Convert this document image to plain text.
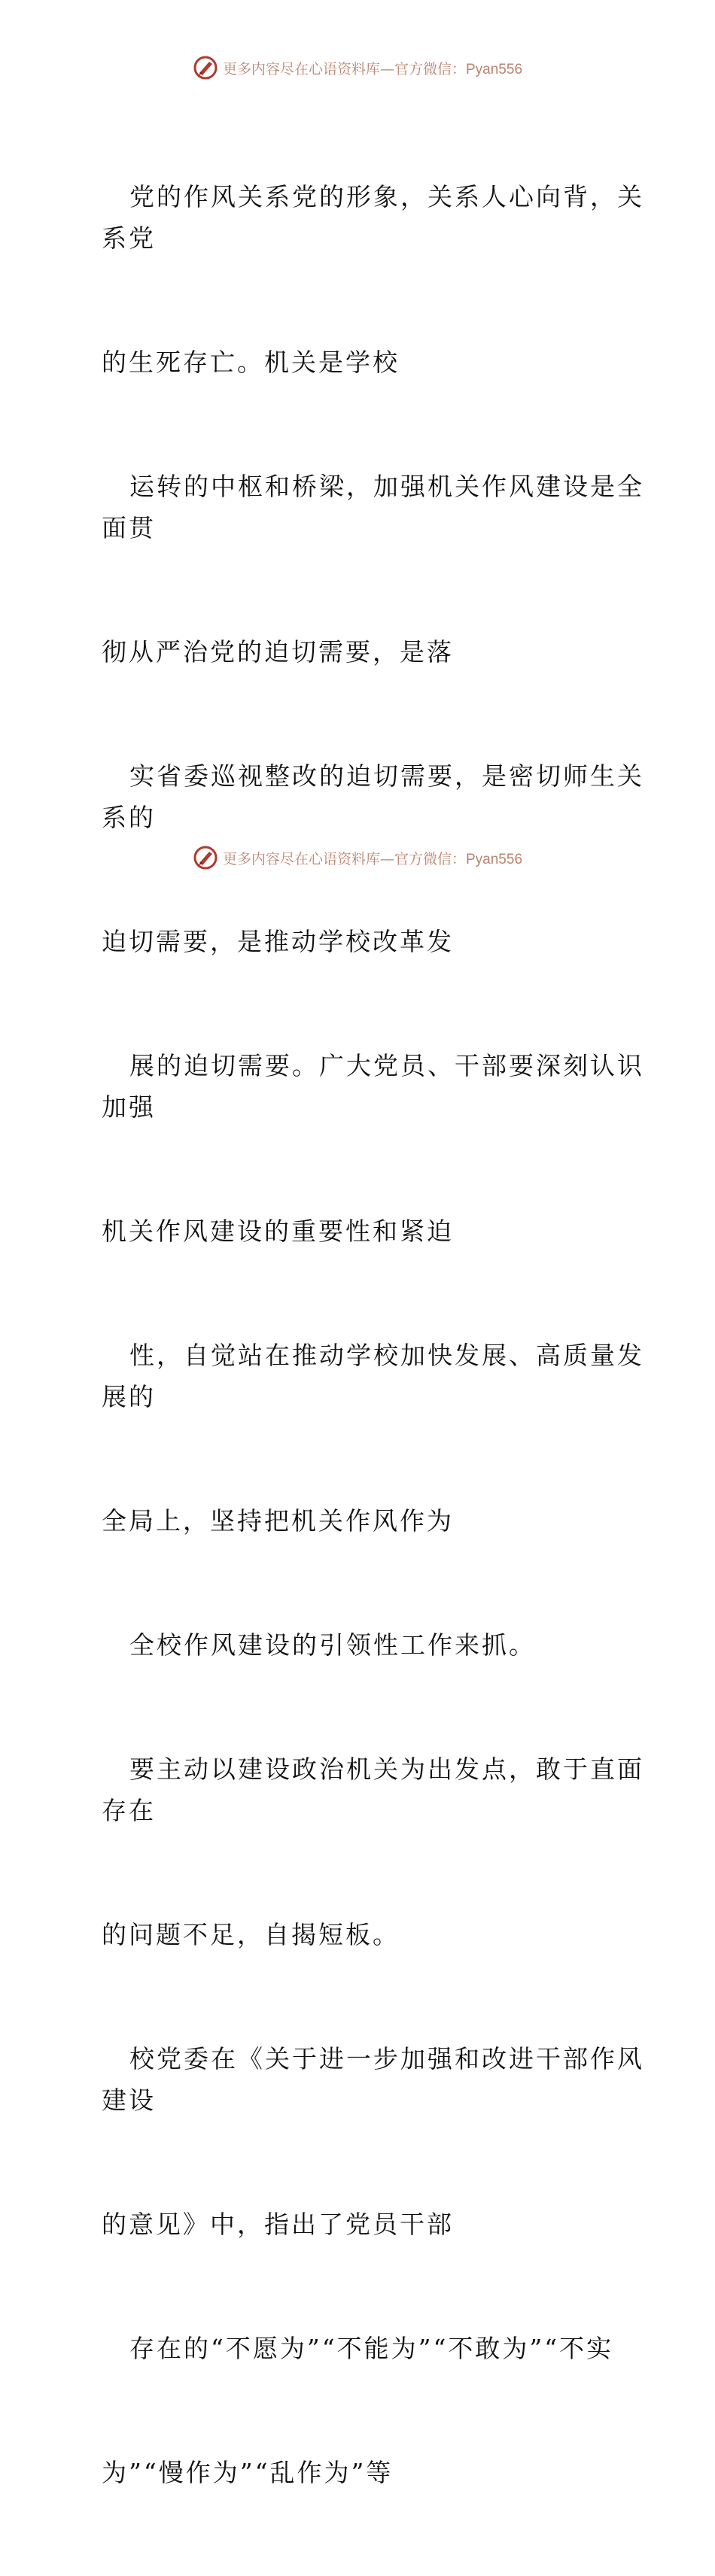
更多内容尽在心语资料库—官方微信：Pyan556

党的作风关系党的形象，关系人心向背，关系党

的生死存亡。机关是学校

运转的中枢和桥梁，加强机关作风建设是全面贯

彻从严治党的迫切需要，是落

实省委巡视整改的迫切需要，是密切师生关系的

迫切需要，是推动学校改革发

展的迫切需要。广大党员、干部要深刻认识加强

机关作风建设的重要性和紧迫

性，自觉站在推动学校加快发展、高质量发展的

全局上，坚持把机关作风作为

全校作风建设的引领性工作来抓。

要主动以建设政治机关为出发点，敢于直面存在

的问题不足，自揭短板。

校党委在《关于进一步加强和改进干部作风建设

的意见》中，指出了党员干部

存在的“不愿为”“不能为”“不敢为”“不实

为”“慢作为”“乱作为”等

更多内容尽在心语资料库—官方微信：Pyan556
